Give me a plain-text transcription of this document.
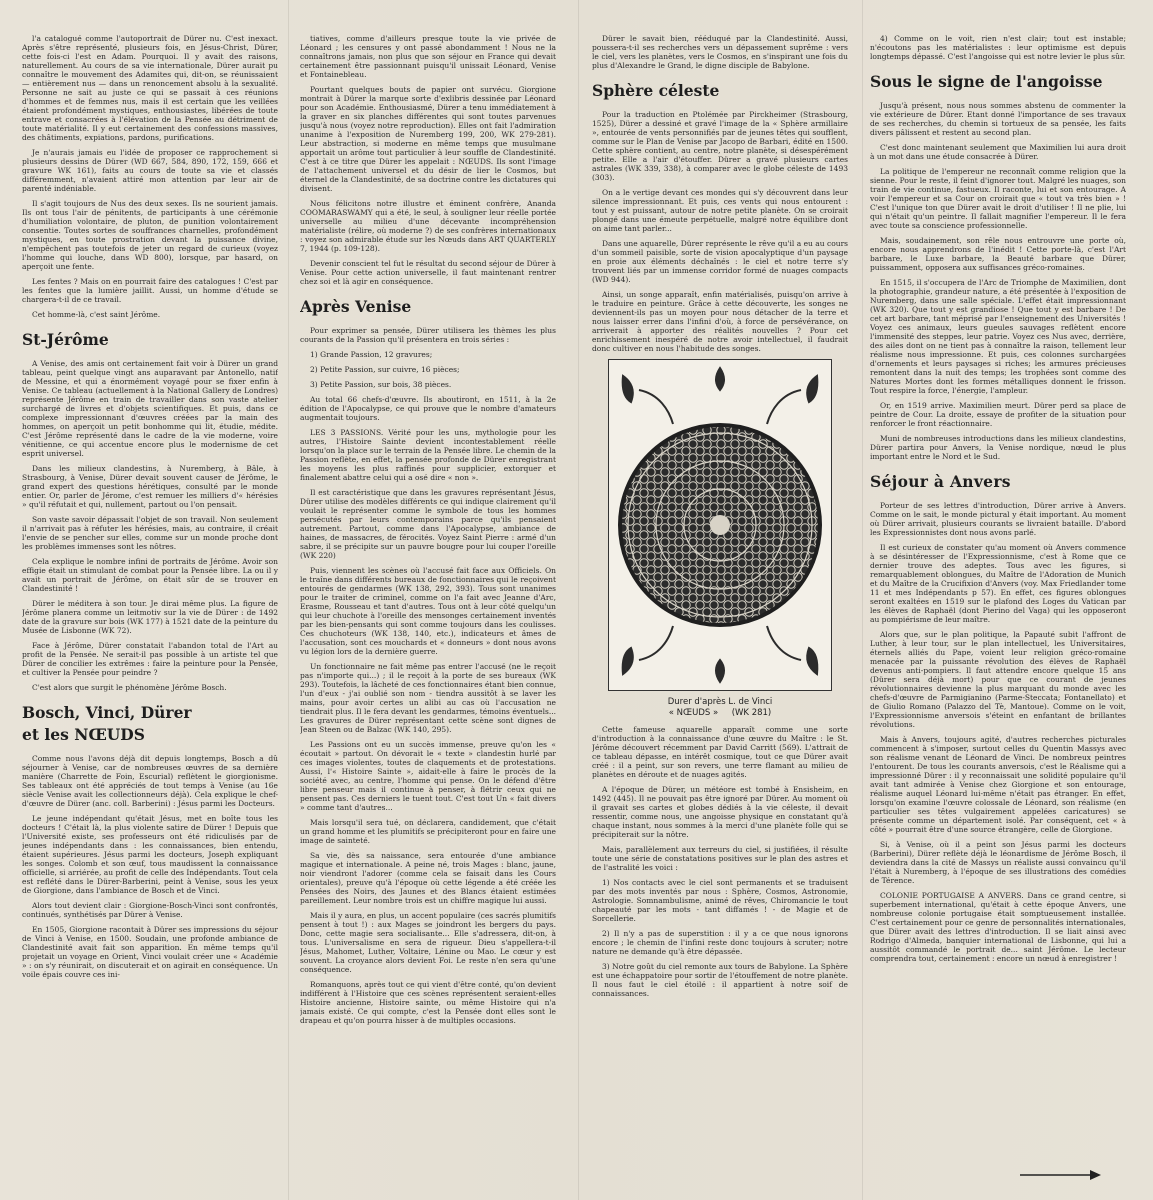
l'a catalogué comme l'autoportrait de Dürer nu. C'est inexact. Après s'être représenté, plusieurs fois, en Jésus-Christ, Dürer, cette fois-ci l'est en Adam. Pourquoi. Il y avait des raisons, naturellement. Au cours de sa vie internationale, Dürer aurait pu connaître le mouvement des Adamites qui, dit-on, se réunissaient — entièrement nus — dans un renoncement absolu à la sexualité. Personne ne sait au juste ce qui se passait à ces réunions d'hommes et de femmes nus, mais il est certain que les veillées étaient profondément mystiques, enthousiastes, libérées de toute entrave et consacrées à l'élévation de la Pensée au détriment de toute matérialité. Il y eut certainement des confessions massives, des châtiments, expiations, pardons, purifications.

Je n'aurais jamais eu l'idée de proposer ce rapprochement si plusieurs dessins de Dürer (WD 667, 584, 890, 172, 159, 666 et gravure WK 161), faits au cours de toute sa vie et classés différemment, n'avaient attiré mon attention par leur air de parenté indéniable.

Il s'agit toujours de Nus des deux sexes. Ils ne sourient jamais. Ils ont tous l'air de pénitents, de participants à une cérémonie d'humiliation volontaire, de pluton, de punition volontairement consentie. Toutes sortes de souffrances charnelles, profondément mystiques, en toute prostration devant la puissance divine, n'empêchent pas toutefois de jeter un regard de curieux (voyez l'homme qui louche, dans WD 800), lorsque, par hasard, on aperçoit une fente.

Les fentes ? Mais on en pourrait faire des catalogues ! C'est par les fentes que la lumière jaillit. Aussi, un homme d'étude se chargera-t-il de ce travail.

Cet homme-là, c'est saint Jérôme.

St-Jérôme

A Venise, des amis ont certainement fait voir à Dürer un grand tableau, peint quelque vingt ans auparavant par Antonello, natif de Messine, et qui a énormément voyagé pour se fixer enfin à Venise. Ce tableau (actuellement à la National Gallery de Londres) représente Jérôme en train de travailler dans son vaste atelier surchargé de livres et d'objets scientifiques. Et puis, dans ce complexe impressionnant d'œuvres créées par la main des hommes, on aperçoit un petit bonhomme qui lit, étudie, médite. C'est Jérôme représenté dans le cadre de la vie moderne, voire vénitienne, ce qui accentue encore plus le modernisme de cet esprit universel.

Dans les milieux clandestins, à Nuremberg, à Bâle, à Strasbourg, à Venise, Dürer devait souvent causer de Jérôme, le grand expert des questions hérétiques, consulté par le monde entier. Or, parler de Jérome, c'est remuer les milliers d'« hérésies » qu'il réfutait et qui, nullement, partout ou l'on pensait.

Son vaste savoir dépassait l'objet de son travail. Non seulement il n'arrivait pas à réfuter les hérésies, mais, au contraire, il créait l'envie de se pencher sur elles, comme sur un monde proche dont les problèmes immenses sont les nôtres.

Cela explique le nombre infini de portraits de Jérôme. Avoir son effigie était un stimulant de combat pour la Pensée libre. La ou il y avait un portrait de Jérôme, on était sûr de se trouver en Clandestinité !

Dürer le méditera à son tour. Je dirai même plus. La figure de Jérôme planera comme un leitmotiv sur la vie de Dürer : de 1492 date de la gravure sur bois (WK 177) à 1521 date de la peinture du Musée de Lisbonne (WK 72).

Face à Jérôme, Dürer constatait l'abandon total de l'Art au profit de la Pensée. Ne serait-il pas possible à un artiste tel que Dürer de concilier les extrêmes : faire la peinture pour la Pensée, et cultiver la Pensée pour peindre ?

C'est alors que surgit le phénomène Jérôme Bosch.

Bosch, Vinci, Dürer
et les NŒUDS

Comme nous l'avons déjà dit depuis longtemps, Bosch a dû séjourner à Venise, car de nombreuses œuvres de sa dernière manière (Charrette de Foin, Escurial) reflètent le giorgionisme. Ses tableaux ont été appréciés de tout temps à Venise (au 16e siècle Venise avait les collectionneurs déjà). Cela explique le chef-d'œuvre de Dürer (anc. coll. Barberini) : Jésus parmi les Docteurs.

Le jeune indépendant qu'était Jésus, met en boîte tous les docteurs ! C'était là, la plus violente satire de Dürer ! Depuis que l'Université existe, ses professeurs ont été ridiculisés par de jeunes indépendants dans : les connaissances, bien entendu, étaient supérieures. Jésus parmi les docteurs, Joseph expliquant les songes. Colomb et son œuf, tous maudissent la connaissance officielle, si arriérée, au profit de celle des Indépendants. Tout cela est reflété dans le Dürer-Barberini, peint à Venise, sous les yeux de Giorgione, dans l'ambiance de Bosch et de Vinci.

Alors tout devient clair : Giorgione-Bosch-Vinci sont confrontés, continués, synthétisés par Dürer à Venise.

En 1505, Giorgione racontait à Dürer ses impressions du séjour de Vinci à Venise, en 1500. Soudain, une profonde ambiance de Clandestinité avait fait son apparition. En même temps qu'il projetait un voyage en Orient, Vinci voulait créer une « Académie » : on s'y réunirait, on discuterait et on agirait en conséquence. Un voile épais couvre ces ini-

tiatives, comme d'ailleurs presque toute la vie privée de Léonard ; les censures y ont passé abondamment ! Nous ne la connaîtrons jamais, non plus que son séjour en France qui devait certainement être passionnant puisqu'il unissait Léonard, Venise et Fontainebleau.

Pourtant quelques bouts de papier ont survécu. Giorgione montrait à Dürer la marque sorte d'exlibris dessinée par Léonard pour son Académie. Enthousiasmé, Dürer a tenu immédiatement à la graver en six planches différentes qui sont toutes parvenues jusqu'à nous (voyez notre reproduction). Elles ont fait l'admiration unanime à l'exposition de Nuremberg 199, 200, WK 279-281). Leur abstraction, si moderne en même temps que musulmane apportait un arôme tout particulier à leur souffle de Clandestinité. C'est à ce titre que Dürer les appelait : NŒUDS. Ils sont l'image de l'attachement universel et du désir de lier le Cosmos, but éternel de la Clandestinité, de sa doctrine contre les dictatures qui divisent.

Nous félicitons notre illustre et éminent confrère, Ananda COOMARASWAMY qui a été, le seul, à souligner leur réelle portée universelle au milieu d'une décevante incompréhension matérialiste (rélire, où moderne ?) de ses confrères internationaux : voyez son admirable étude sur les Nœuds dans ART QUARTERLY 7, 1944 (p. 109-128).

Devenir conscient tel fut le résultat du second séjour de Dürer à Venise. Pour cette action universelle, il faut maintenant rentrer chez soi et là agir en conséquence.

Après Venise

Pour exprimer sa pensée, Dürer utilisera les thèmes les plus courants de la Passion qu'il présentera en trois séries :

1) Grande Passion, 12 gravures;

2) Petite Passion, sur cuivre, 16 pièces;

3) Petite Passion, sur bois, 38 pièces.

Au total 66 chefs-d'œuvre. Ils aboutiront, en 1511, à la 2e édition de l'Apocalypse, ce qui prouve que le nombre d'amateurs augmentait toujours.

LES 3 PASSIONS. Vérité pour les uns, mythologie pour les autres, l'Histoire Sainte devient incontestablement réelle lorsqu'on la place sur le terrain de la Pensée libre. Le chemin de la Passion reflète, en effet, la pensée profonde de Dürer enregistrant les moyens les plus raffinés pour supplicier, extorquer et finalement abattre celui qui a osé dire « non ».

Il est caractéristique que dans les gravures représentant Jésus, Dürer utilise des modèles différents ce qui indique clairement qu'il voulait le représenter comme le symbole de tous les hommes persécutés par leurs contemporains parce qu'ils pensaient autrement. Partout, comme dans l'Apocalypse, ambiance de haines, de massacres, de férocités. Voyez Saint Pierre : armé d'un sabre, il se précipite sur un pauvre bougre pour lui couper l'oreille (WK 220)

Puis, viennent les scènes où l'accusé fait face aux Officiels. On le traîne dans différents bureaux de fonctionnaires qui le reçoivent entourés de gendarmes (WK 138, 292, 393). Tous sont unanimes pour le traiter de criminel, comme on l'a fait avec Jeanne d'Arc, Erasme, Rousseau et tant d'autres. Tous ont à leur côté quelqu'un qui leur chuchote à l'oreille des mensonges certainement inventés par les bien-pensants qui sont comme toujours dans les coulisses. Ces chuchoteurs (WK 138, 140, etc.), indicateurs et âmes de l'accusation, sont ces mouchards et « donneurs » dont nous avons vu légion lors de la dernière guerre.

Un fonctionnaire ne fait même pas entrer l'accusé (ne le reçoit pas n'importe qui...) ; il le reçoit à la porte de ses bureaux (WK 293). Toutefois, la lâcheté de ces fonctionnaires étant bien connue, l'un d'eux - j'ai oublié son nom - tiendra aussitôt à se laver les mains, pour avoir certes un alibi au cas où l'accusation ne tiendrait plus. Il le fera devant les gendarmes, témoins éventuels... Les gravures de Dürer représentant cette scène sont dignes de Jean Steen ou de Balzac (WK 140, 295).

Les Passions ont eu un succès immense, preuve qu'on les « écoutait » partout. On dévorait le « texte » clandestin hurlé par ces images violentes, toutes de claquements et de protestations. Aussi, l'« Histoire Sainte », aidait-elle à faire le procès de la société avec, au centre, l'homme qui pense. On le défend d'être libre penseur mais il continue à penser, à flétrir ceux qui ne pensent pas. Ces derniers le tuent tout. C'est tout Un « fait divers » comme tant d'autres...

Mais lorsqu'il sera tué, on déclarera, candidement, que c'était un grand homme et les plumitifs se précipiteront pour en faire une image de sainteté.

Sa vie, dès sa naissance, sera entourée d'une ambiance magique et internationale. A peine né, trois Mages : blanc, jaune, noir viendront l'adorer (comme cela se faisait dans les Cours orientales), preuve qu'à l'époque où cette légende a été créée les Pensées des Noirs, des Jaunes et des Blancs étaient estimées pareillement. Leur nombre trois est un chiffre magique lui aussi.

Mais il y aura, en plus, un accent populaire (ces sacrés plumitifs pensent à tout !) : aux Mages se joindront les bergers du pays. Donc, cette magie sera socialisante... Elle s'adressera, dit-on, à tous. L'universalisme en sera de rigueur. Dieu s'appellera-t-il Jésus, Mahomet, Luther, Voltaire, Lénine ou Mao. Le cœur y est souvent. La croyance alors devient Foi. Le reste n'en sera qu'une conséquence.

Romanquons, après tout ce qui vient d'être conté, qu'on devient indifférent à l'Histoire que ces scènes représentent seraient-elles Histoire ancienne, Histoire sainte, ou même Histoire qui n'a jamais existé. Ce qui compte, c'est la Pensée dont elles sont le drapeau et qu'on pourra hisser à de multiples occasions.

Dürer le savait bien, rééduqué par la Clandestinité. Aussi, poussera-t-il ses recherches vers un dépassement suprême : vers le ciel, vers les planètes, vers le Cosmos, en s'inspirant une fois du plus d'Alexandre le Grand, le digne disciple de Babylone.

Sphère céleste

Pour la traduction en Ptolémée par Pirckheimer (Strasbourg, 1525), Dürer a dessiné et gravé l'image de la « Sphère armillaire », entourée de vents personnifiés par de jeunes têtes qui soufflent, comme sur le Plan de Venise par Jacopo de Barbari, édité en 1500. Cette sphère contient, au centre, notre planète, si désespérément petite. Elle a l'air d'étouffer. Dürer a gravé plusieurs cartes astrales (WK 339, 338), à comparer avec le globe céleste de 1493 (303).

On a le vertige devant ces mondes qui s'y découvrent dans leur silence impressionnant. Et puis, ces vents qui nous entourent : tout y est puissant, autour de notre petite planète. On se croirait plongé dans une émeute perpétuelle, malgré notre équilibre dont on aime tant parler...

Dans une aquarelle, Dürer représente le rêve qu'il a eu au cours d'un sommeil paisible, sorte de vision apocalyptique d'un paysage en proie aux éléments déchaînés : le ciel et notre terre s'y trouvent liés par un immense corridor formé de nuages compacts (WD 944).

Ainsi, un songe apparaît, enfin matérialisés, puisqu'on arrive à le traduire en peinture. Grâce à cette découverte, les songes ne deviennent-ils pas un moyen pour nous détacher de la terre et nous laisser errer dans l'infini d'où, à force de persévérance, on arriverait à apporter des réalités nouvelles ? Pour cet enrichissement inespéré de notre avoir intellectuel, il faudrait donc cultiver en nous l'habitude des songes.

Durer d'après L. de Vinci
« NŒUDS »     (WK 281)

Cette fameuse aquarelle apparaît comme une sorte d'introduction à la connaissance d'une œuvre du Maître : le St. Jérôme découvert récemment par David Carritt (569). L'attrait de ce tableau dépasse, en intérêt cosmique, tout ce que Dürer avait créé : il a peint, sur son revers, une terre flamant au milieu de planètes en déroute et de nuages agités.

A l'époque de Dürer, un météore est tombé à Ensisheim, en 1492 (445). Il ne pouvait pas être ignoré par Dürer. Au moment où il gravait ses cartes et globes dédiés à la vie céleste, il devait ressentir, comme nous, une angoisse physique en constatant qu'à chaque instant, nous sommes à la merci d'une planète folle qui se précipiterait sur la nôtre.

Mais, parallèlement aux terreurs du ciel, si justifiées, il résulte toute une série de constatations positives sur le plan des astres et de l'astralité les voici :

1) Nos contacts avec le ciel sont permanents et se traduisent par des mots inventés par nous : Sphère, Cosmos, Astronomie, Astrologie. Somnambulisme, animé de rêves, Chiromancie le tout chapeauté par les mots - tant diffamés ! - de Magie et de Sorcellerie.

2) Il n'y a pas de superstition : il y a ce que nous ignorons encore ; le chemin de l'infini reste donc toujours à scruter; notre nature ne demande qu'à être dépassée.

3) Notre goût du ciel remonte aux tours de Babylone. La Sphère est une échappatoire pour sortir de l'étouffement de notre planète. Il nous faut le ciel étoilé : il appartient à notre soif de connaissances.

4) Comme on le voit, rien n'est clair; tout est instable; n'écoutons pas les matérialistes : leur optimisme est depuis longtemps dépassé. C'est l'angoisse qui est notre levier le plus sûr.

Sous le signe de l'angoisse

Jusqu'à présent, nous nous sommes abstenu de commenter la vie extérieure de Dürer. Etant donné l'importance de ses travaux de ses recherches, du chemin si tortueux de sa pensée, les faits divers pâlissent et restent au second plan.

C'est donc maintenant seulement que Maximilien lui aura droit à un mot dans une étude consacrée à Dürer.

La politique de l'empereur ne reconnaît comme religion que la sienne. Pour le reste, il feint d'ignorer tout. Malgré les nuages, son train de vie continue, fastueux. Il raconte, lui et son entourage. A voir l'empereur et sa Cour on croirait que « tout va très bien » ! C'est l'unique ton que Dürer avait le droit d'utiliser ! Il ne plie, lui qui n'était qu'un peintre. Il fallait magnifier l'empereur. Il le fera avec toute sa conscience professionnelle.

Mais, soudainement, son rêle nous entrouvre une porte où, encore nous apprendrons de l'inédit ! Cette porte-là, c'est l'Art barbare, le Luxe barbare, la Beauté barbare que Dürer, puissamment, opposera aux suffisances gréco-romaines.

En 1515, il s'occupera de l'Arc de Triomphe de Maximilien, dont la photographie, grandeur nature, a été présentée à l'exposition de Nuremberg, dans une salle spéciale. L'effet était impressionnant (WK 320). Que tout y est grandiose ! Que tout y est barbare ! De cet art barbare, tant méprisé par l'enseignement des Universités ! Voyez ces animaux, leurs gueules sauvages reflètent encore l'immensité des steppes, leur patrie. Voyez ces Nus avec, derrière, des ailes dont on ne tient pas à connaître la raison, tellement leur réalisme nous impressionne. Et puis, ces colonnes surchargées d'ornements et leurs paysages si riches; les armures précieuses remontent dans la nuit des temps; les trophées sont comme des Natures Mortes dont les formes métalliques donnent le frisson. Tout respire la force, l'énergie, l'ampleur.

Or, en 1519 arrive. Maximilien meurt. Dürer perd sa place de peintre de Cour. La droite, essaye de profiter de la situation pour renforcer le front réactionnaire.

Muni de nombreuses introductions dans les milieux clandestins, Dürer partira pour Anvers, la Venise nordique, nœud le plus important entre le Nord et le Sud.

Séjour à Anvers

Porteur de ses lettres d'introduction, Dürer arrive à Anvers. Comme on le sait, le monde pictural y était important. Au moment où Dürer arrivait, plusieurs courants se livraient bataille. D'abord les Expressionnistes dont nous avons parlé.

Il est curieux de constater qu'au moment où Anvers commence à se désintéresser de l'Expressionnisme, c'est à Rome que ce dernier trouve des adeptes. Tous avec les figures, si remarquablement oblongues, du Maître de l'Adoration de Munich et du Maître de la Crucifixion d'Anvers (voy. Max Friedlander tome 11 et mes Indépendants p 57). En effet, ces figures oblongues seront exaltées en 1519 sur le plafond des Loges du Vatican par les élèves de Raphaël (dont Pierino del Vaga) qui les opposeront au pompiérisme de leur maître.

Alors que, sur le plan politique, la Papauté subit l'affront de Luther, à leur tour, sur le plan intellectuel, les Universitaires, éternels alliés du Pape, voient leur religion gréco-romaine menacée par la puissante révolution des élèves de Raphaël devenus anti-pompiers. Il faut attendre encore quelque 15 ans (Dürer sera déjà mort) pour que ce courant de jeunes révolutionnaires devienne la plus marquant du monde avec les chefs-d'œuvre de Parmigianino (Parme-Steccata; Fontanellato) et de Giulio Romano (Palazzo del Tè, Mantoue). Comme on le voit, l'Expressionnisme anversois s'éteint en enfantant de brillantes révolutions.

Mais à Anvers, toujours agité, d'autres recherches picturales commencent à s'imposer, surtout celles du Quentin Massys avec son réalisme venant de Léonard de Vinci. De nombreux peintres l'entourent. De tous les courants anversois, c'est le Réalisme qui a impressionné Dürer : il y reconnaissait une solidité populaire qu'il avait tant admirée à Venise chez Giorgione et son entourage, réalisme auquel Léonard lui-même n'était pas étranger. En effet, lorsqu'on examine l'œuvre colossale de Léonard, son réalisme (en particulier ses têtes vulgairement appelées caricatures) se présente comme un département isolé. Par conséquent, cet « à côté » pourrait être d'une source étrangère, celle de Giorgione.

Si, à Venise, où il a peint son Jésus parmi les docteurs (Barberini), Dürer reflète déjà le léonardisme de Jérôme Bosch, il deviendra dans la cité de Massys un réaliste aussi convaincu qu'il l'était à Nuremberg, à l'époque de ses illustrations des comédies de Térence.

COLONIE PORTUGAISE A ANVERS. Dans ce grand centre, si superbement international, qu'était à cette époque Anvers, une nombreuse colonie portugaise était somptueusement installée. C'est certainement pour ce genre de personnalités internationales, que Dürer avait des lettres d'introduction. Il se liait ainsi avec Rodrigo d'Almeda, banquier international de Lisbonne, qui lui a aussitôt commandé le portrait de... saint Jérôme. Le lecteur comprendra tout, certainement : encore un nœud à enregistrer !
